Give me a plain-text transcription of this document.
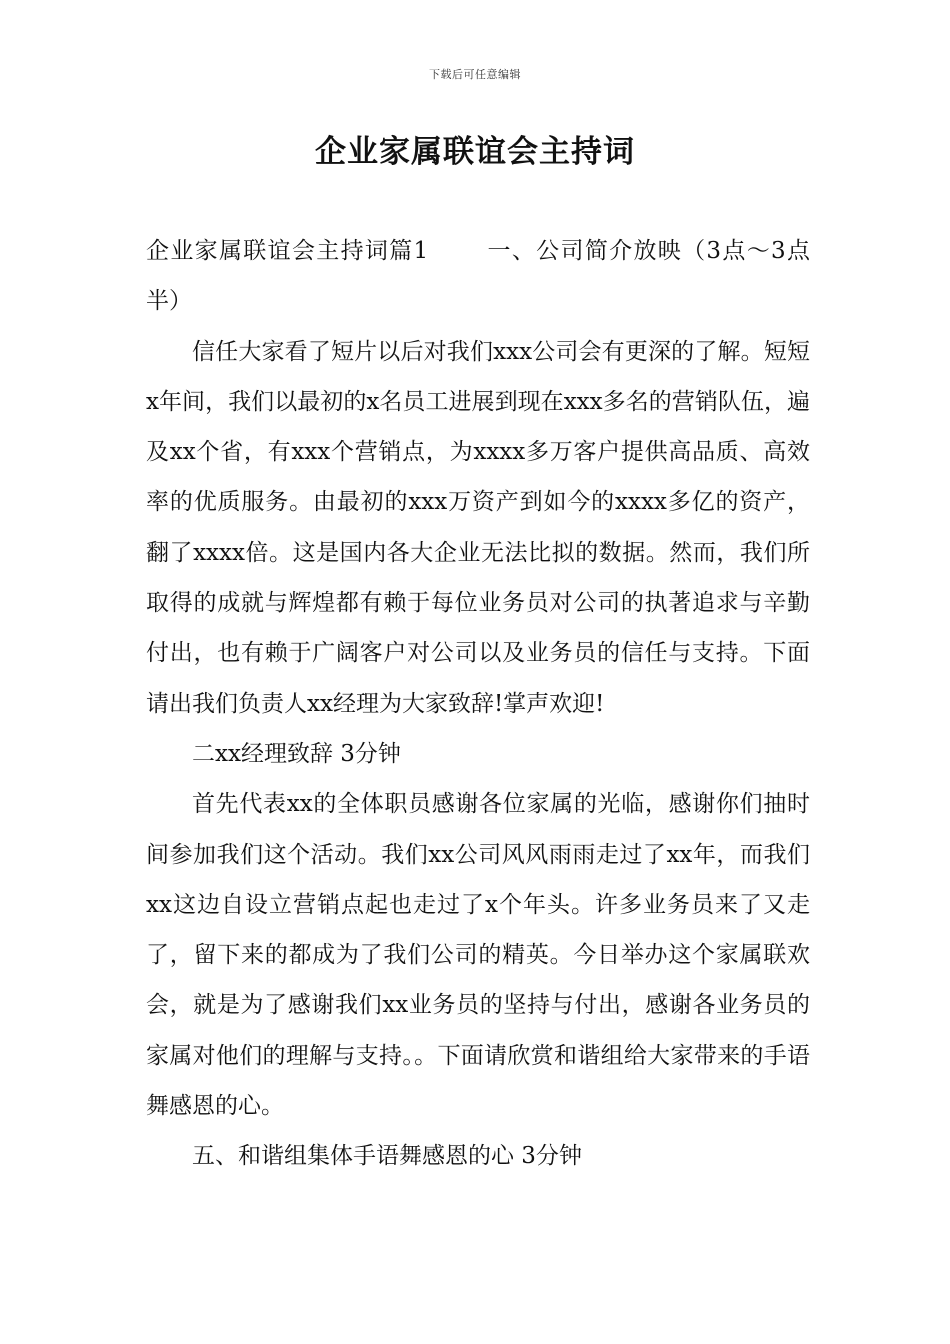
下载后可任意编辑
企业家属联谊会主持词

企业家属联谊会主持词篇1	一、公司简介放映（3点～3点半）

信任大家看了短片以后对我们xxx公司会有更深的了解。短短x年间，我们以最初的x名员工进展到现在xxx多名的营销队伍，遍及xx个省，有xxx个营销点，为xxxx多万客户提供高品质、高效率的优质服务。由最初的xxx万资产到如今的xxxx多亿的资产，翻了xxxx倍。这是国内各大企业无法比拟的数据。然而，我们所取得的成就与辉煌都有赖于每位业务员对公司的执著追求与辛勤付出，也有赖于广阔客户对公司以及业务员的信任与支持。下面请出我们负责人xx经理为大家致辞!掌声欢迎!

二xx经理致辞 3分钟

首先代表xx的全体职员感谢各位家属的光临，感谢你们抽时间参加我们这个活动。我们xx公司风风雨雨走过了xx年，而我们xx这边自设立营销点起也走过了x个年头。许多业务员来了又走了，留下来的都成为了我们公司的精英。今日举办这个家属联欢会，就是为了感谢我们xx业务员的坚持与付出，感谢各业务员的家属对他们的理解与支持。。下面请欣赏和谐组给大家带来的手语舞感恩的心。

五、和谐组集体手语舞感恩的心 3分钟
